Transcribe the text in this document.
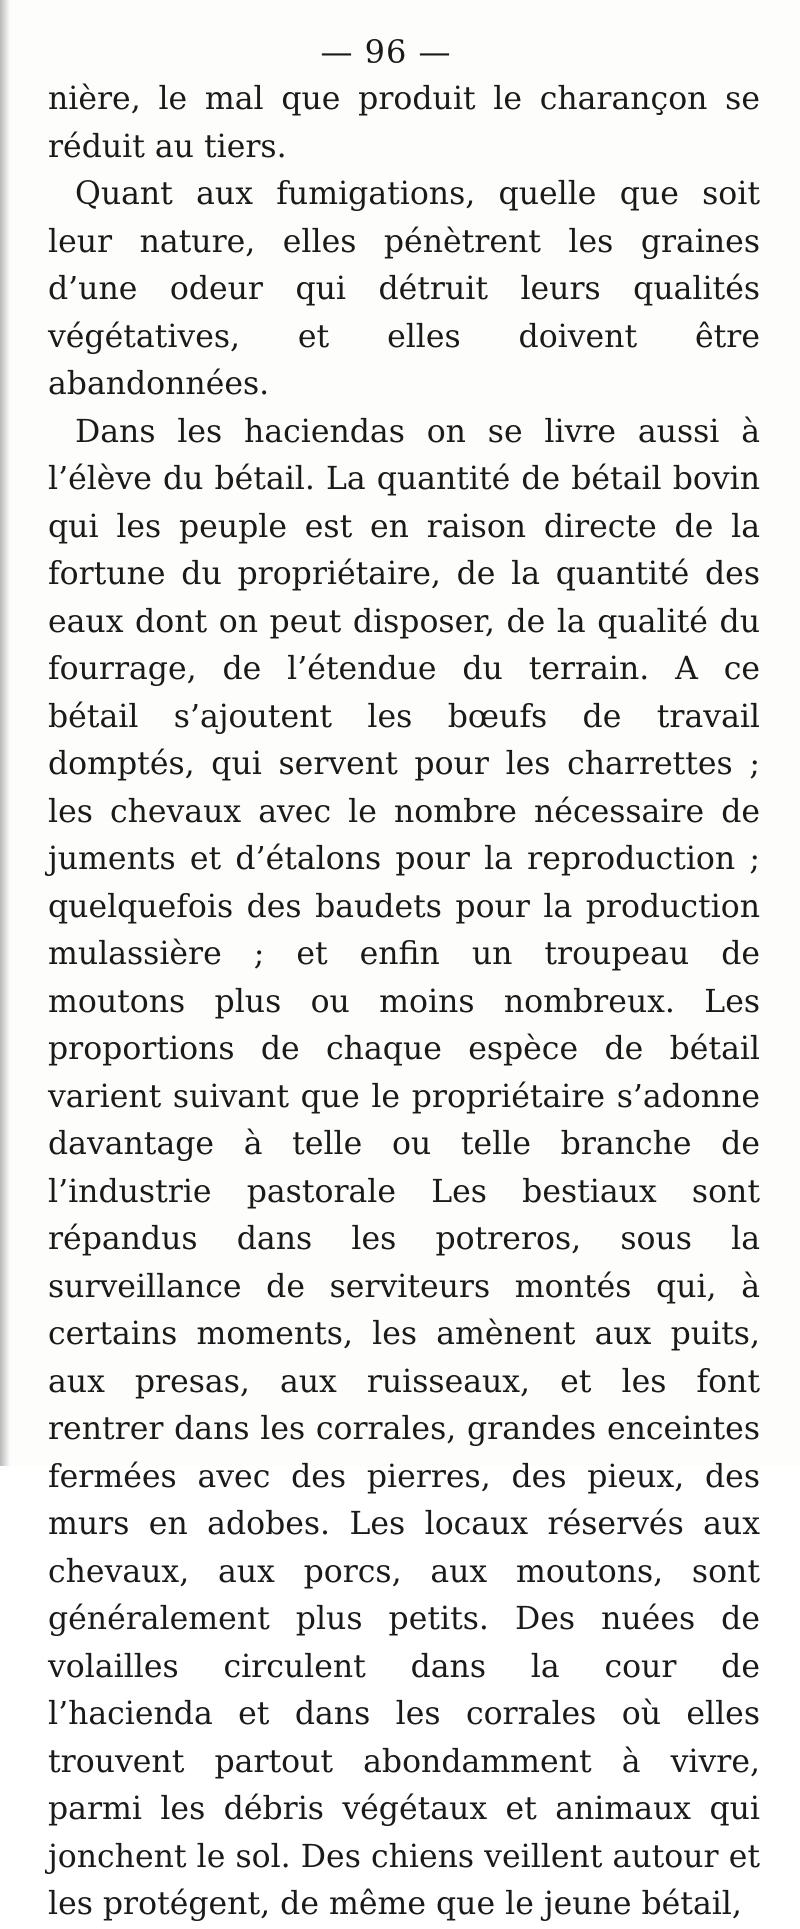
— 96 —

nière, le mal que produit le charançon se réduit au tiers.

Quant aux fumigations, quelle que soit leur nature, elles pénètrent les graines d’une odeur qui détruit leurs qualités végétatives, et elles doivent être abandonnées.

Dans les haciendas on se livre aussi à l’élève du bétail. La quantité de bétail bovin qui les peuple est en raison directe de la fortune du propriétaire, de la quantité des eaux dont on peut disposer, de la qualité du fourrage, de l’étendue du terrain. A ce bétail s’ajoutent les bœufs de travail domptés, qui servent pour les charrettes ; les chevaux avec le nombre nécessaire de juments et d’étalons pour la reproduction ; quelquefois des baudets pour la production mulassière ; et enfin un troupeau de moutons plus ou moins nombreux. Les proportions de chaque espèce de bétail varient suivant que le propriétaire s’adonne davantage à telle ou telle branche de l’industrie pastorale Les bestiaux sont répandus dans les potreros, sous la surveillance de serviteurs montés qui, à certains moments, les amènent aux puits, aux presas, aux ruisseaux, et les font rentrer dans les corrales, grandes enceintes fermées avec des pierres, des pieux, des murs en adobes. Les locaux réservés aux chevaux, aux porcs, aux moutons, sont généralement plus petits. Des nuées de volailles circulent dans la cour de l’hacienda et dans les corrales où elles trouvent partout abondamment à vivre, parmi les débris végétaux et animaux qui jonchent le sol. Des chiens veillent autour et les protégent, de même que le jeune bétail,
